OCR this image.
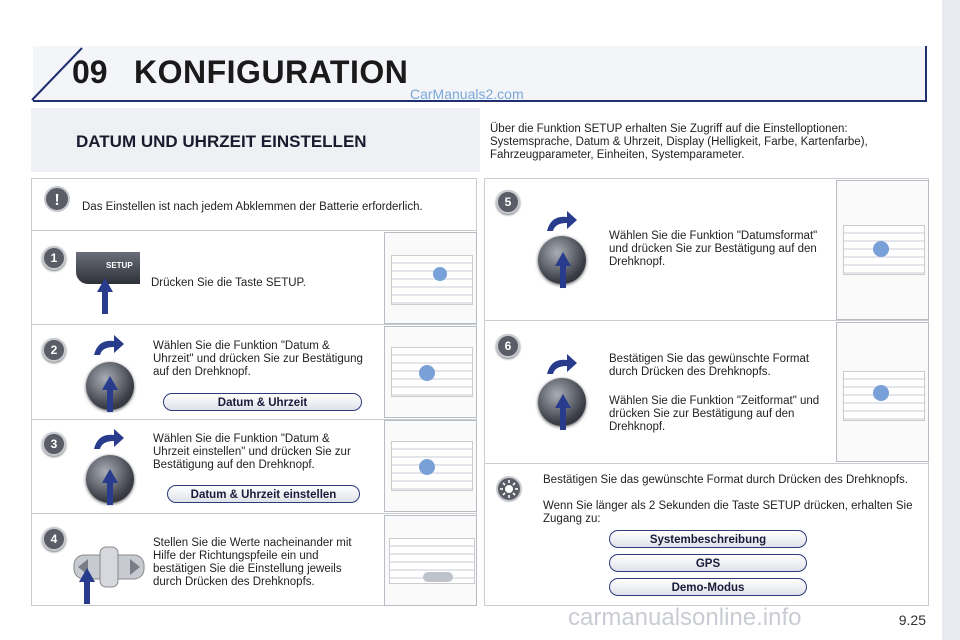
09 KONFIGURATION
CarManuals2.com
DATUM UND UHRZEIT EINSTELLEN
Über die Funktion SETUP erhalten Sie Zugriff auf die Einstelloptionen: Systemsprache, Datum & Uhrzeit, Display (Helligkeit, Farbe, Kartenfarbe), Fahrzeugparameter, Einheiten, Systemparameter.
! Das Einstellen ist nach jedem Abklemmen der Batterie erforderlich.
1
SETUP
Drücken Sie die Taste SETUP.
2	Wählen Sie die Funktion "Datum & Uhrzeit" und drücken Sie zur Bestätigung auf den Drehknopf.
Datum & Uhrzeit
3	Wählen Sie die Funktion "Datum & Uhrzeit einstellen" und drücken Sie zur Bestätigung auf den Drehknopf.
Datum & Uhrzeit einstellen
4	Stellen Sie die Werte nacheinander mit Hilfe der Richtungspfeile ein und bestätigen Sie die Einstellung jeweils durch Drücken des Drehknopfs.
5
Wählen Sie die Funktion "Datumsformat" und drücken Sie zur Bestätigung auf den Drehknopf.
6
Bestätigen Sie das gewünschte Format durch Drücken des Drehknopfs.
Wählen Sie die Funktion "Zeitformat" und drücken Sie zur Bestätigung auf den Drehknopf.
Bestätigen Sie das gewünschte Format durch Drücken des Drehknopfs.
Wenn Sie länger als 2 Sekunden die Taste SETUP drücken, erhalten Sie Zugang zu:
Systembeschreibung
GPS
Demo-Modus
carmanualsonline.info	9.25
